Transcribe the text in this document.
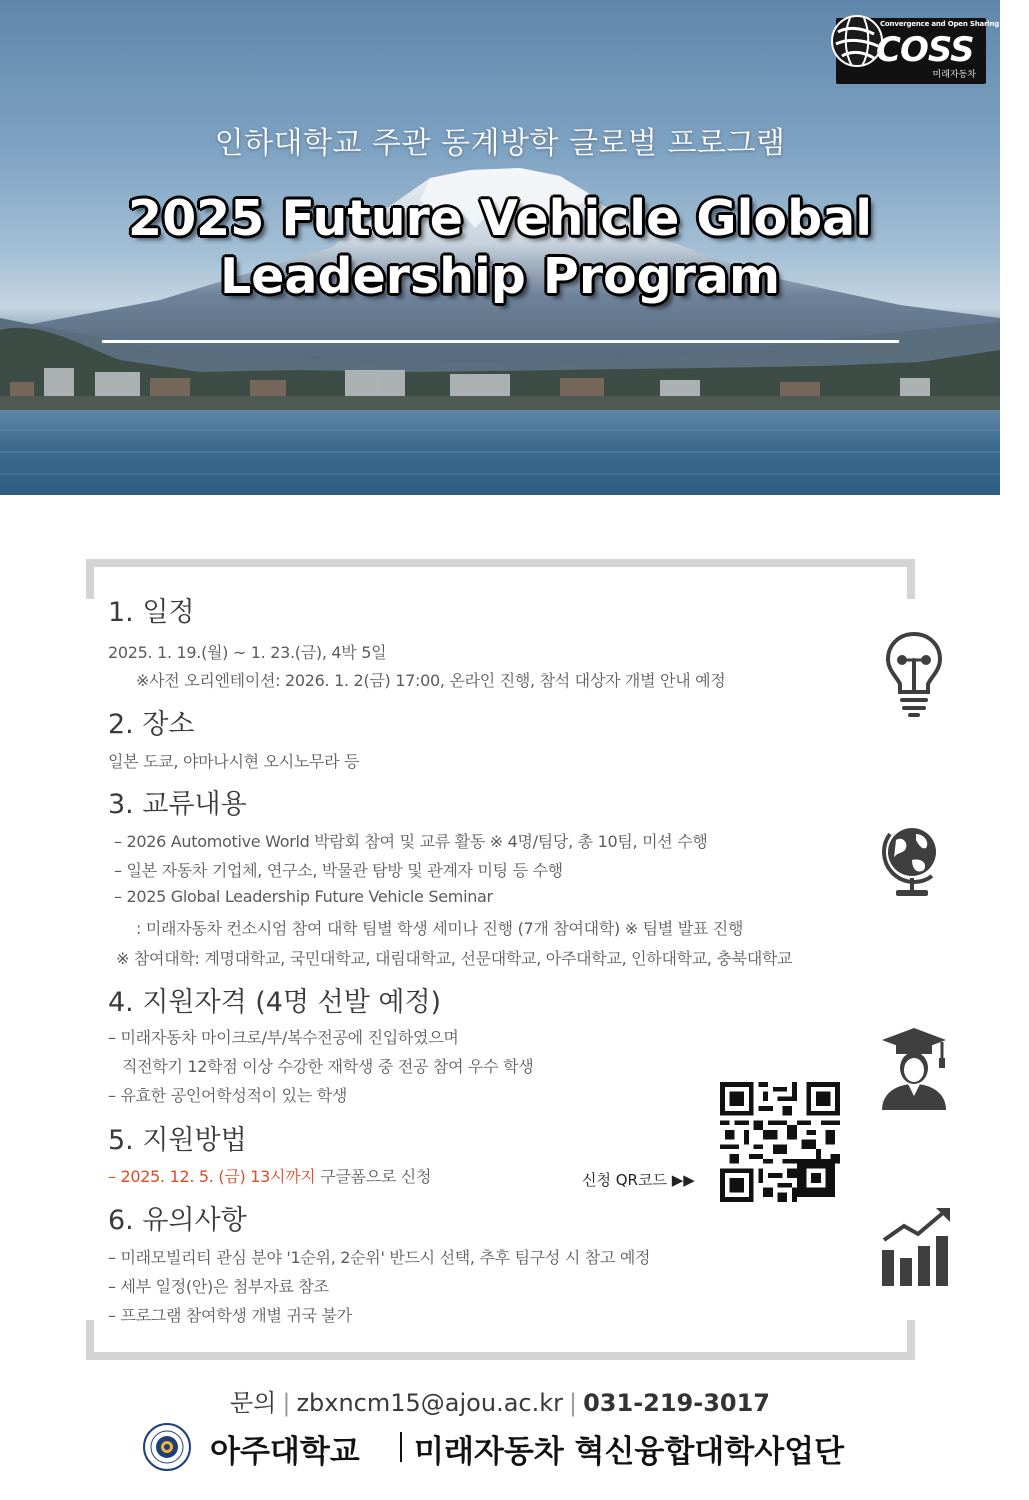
Convergence and Open Sharing System
COSS
미래자동차
인하대학교 주관 동계방학 글로벌 프로그램
2025 Future Vehicle Global
Leadership Program
1. 일정
2025. 1. 19.(월) ~ 1. 23.(금), 4박 5일
※사전 오리엔테이션: 2026. 1. 2(금) 17:00, 온라인 진행, 참석 대상자 개별 안내 예정
2. 장소
일본 도쿄, 야마나시현 오시노무라 등
3. 교류내용
– 2026 Automotive World 박람회 참여 및 교류 활동 ※ 4명/팀당, 총 10팀, 미션 수행
– 일본 자동차 기업체, 연구소, 박물관 탐방 및 관계자 미팅 등 수행
– 2025 Global Leadership Future Vehicle Seminar
: 미래자동차 컨소시엄 참여 대학 팀별 학생 세미나 진행 (7개 참여대학) ※ 팀별 발표 진행
※ 참여대학: 계명대학교, 국민대학교, 대림대학교, 선문대학교, 아주대학교, 인하대학교, 충북대학교
4. 지원자격 (4명 선발 예정)
– 미래자동차 마이크로/부/복수전공에 진입하였으며
직전학기 12학점 이상 수강한 재학생 중 전공 참여 우수 학생
– 유효한 공인어학성적이 있는 학생
5. 지원방법
– 2025. 12. 5. (금) 13시까지 구글폼으로 신청	신청 QR코드 ▶▶
6. 유의사항
– 미래모빌리티 관심 분야 '1순위, 2순위' 반드시 선택, 추후 팀구성 시 참고 예정
– 세부 일정(안)은 첨부자료 참조
– 프로그램 참여학생 개별 귀국 불가
문의 | zbxncm15@ajou.ac.kr | 031-219-3017
아주대학교 미래자동차 혁신융합대학사업단
